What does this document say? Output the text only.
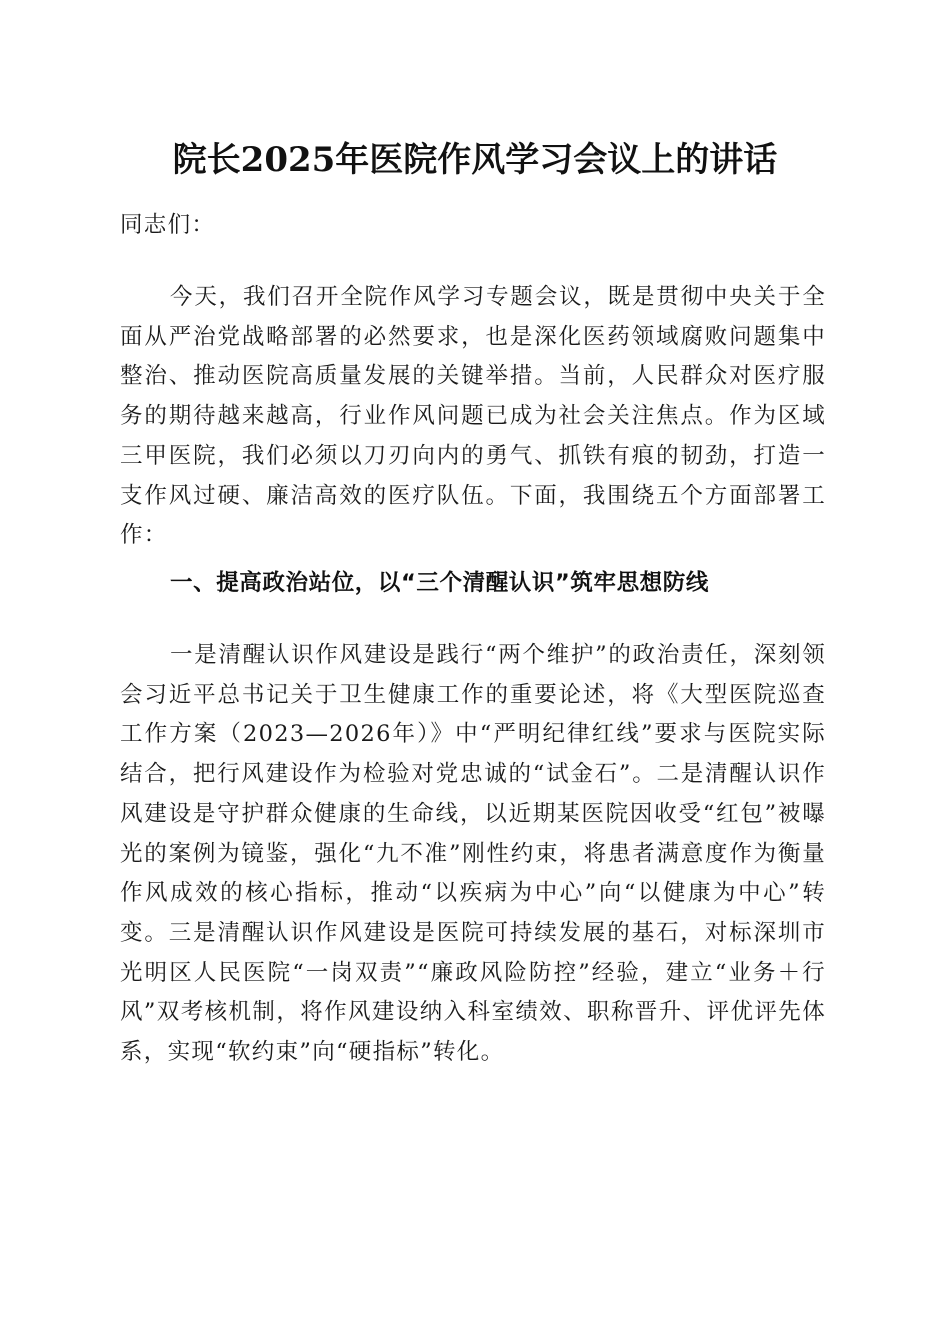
院长2025年医院作风学习会议上的讲话

同志们：

今天，我们召开全院作风学习专题会议，既是贯彻中央关于全面从严治党战略部署的必然要求，也是深化医药领域腐败问题集中整治、推动医院高质量发展的关键举措。当前，人民群众对医疗服务的期待越来越高，行业作风问题已成为社会关注焦点。作为区域三甲医院，我们必须以刀刃向内的勇气、抓铁有痕的韧劲，打造一支作风过硬、廉洁高效的医疗队伍。下面，我围绕五个方面部署工作：

一、提高政治站位，以“三个清醒认识”筑牢思想防线

一是清醒认识作风建设是践行“两个维护”的政治责任，深刻领会习近平总书记关于卫生健康工作的重要论述，将《大型医院巡查工作方案（2023—2026年）》中“严明纪律红线”要求与医院实际结合，把行风建设作为检验对党忠诚的“试金石”。二是清醒认识作风建设是守护群众健康的生命线，以近期某医院因收受“红包”被曝光的案例为镜鉴，强化“九不准”刚性约束，将患者满意度作为衡量作风成效的核心指标，推动“以疾病为中心”向“以健康为中心”转变。三是清醒认识作风建设是医院可持续发展的基石，对标深圳市光明区人民医院“一岗双责”“廉政风险防控”经验，建立“业务＋行风”双考核机制，将作风建设纳入科室绩效、职称晋升、评优评先体系，实现“软约束”向“硬指标”转化。
